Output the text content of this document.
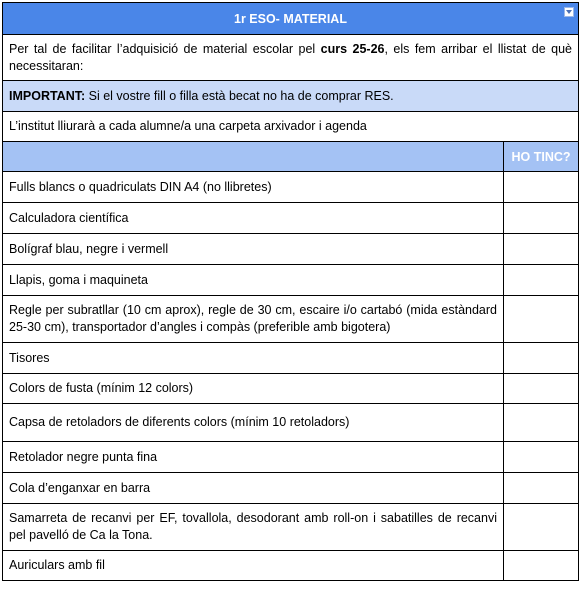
1r ESO- MATERIAL
Per tal de facilitar l’adquisició de material escolar pel curs 25-26, els fem arribar el llistat de què necessitaran:
IMPORTANT: Si el vostre fill o filla està becat no ha de comprar RES.
L’institut lliurarà a cada alumne/a una carpeta arxivador i agenda
HO TINC?
Fulls blancs o quadriculats DIN A4 (no llibretes)
Calculadora científica
Bolígraf blau, negre i vermell
Llapis, goma i maquineta
Regle per subratllar (10 cm aprox), regle de 30 cm, escaire i/o cartabó (mida estàndard 25-30 cm), transportador d’angles i compàs (preferible amb bigotera)
Tisores
Colors de fusta (mínim 12 colors)
Capsa de retoladors de diferents colors (mínim 10 retoladors)
Retolador negre punta fina
Cola d’enganxar en barra
Samarreta de recanvi per EF, tovallola, desodorant amb roll-on i sabatilles de recanvi pel pavelló de Ca la Tona.
Auriculars amb fil
